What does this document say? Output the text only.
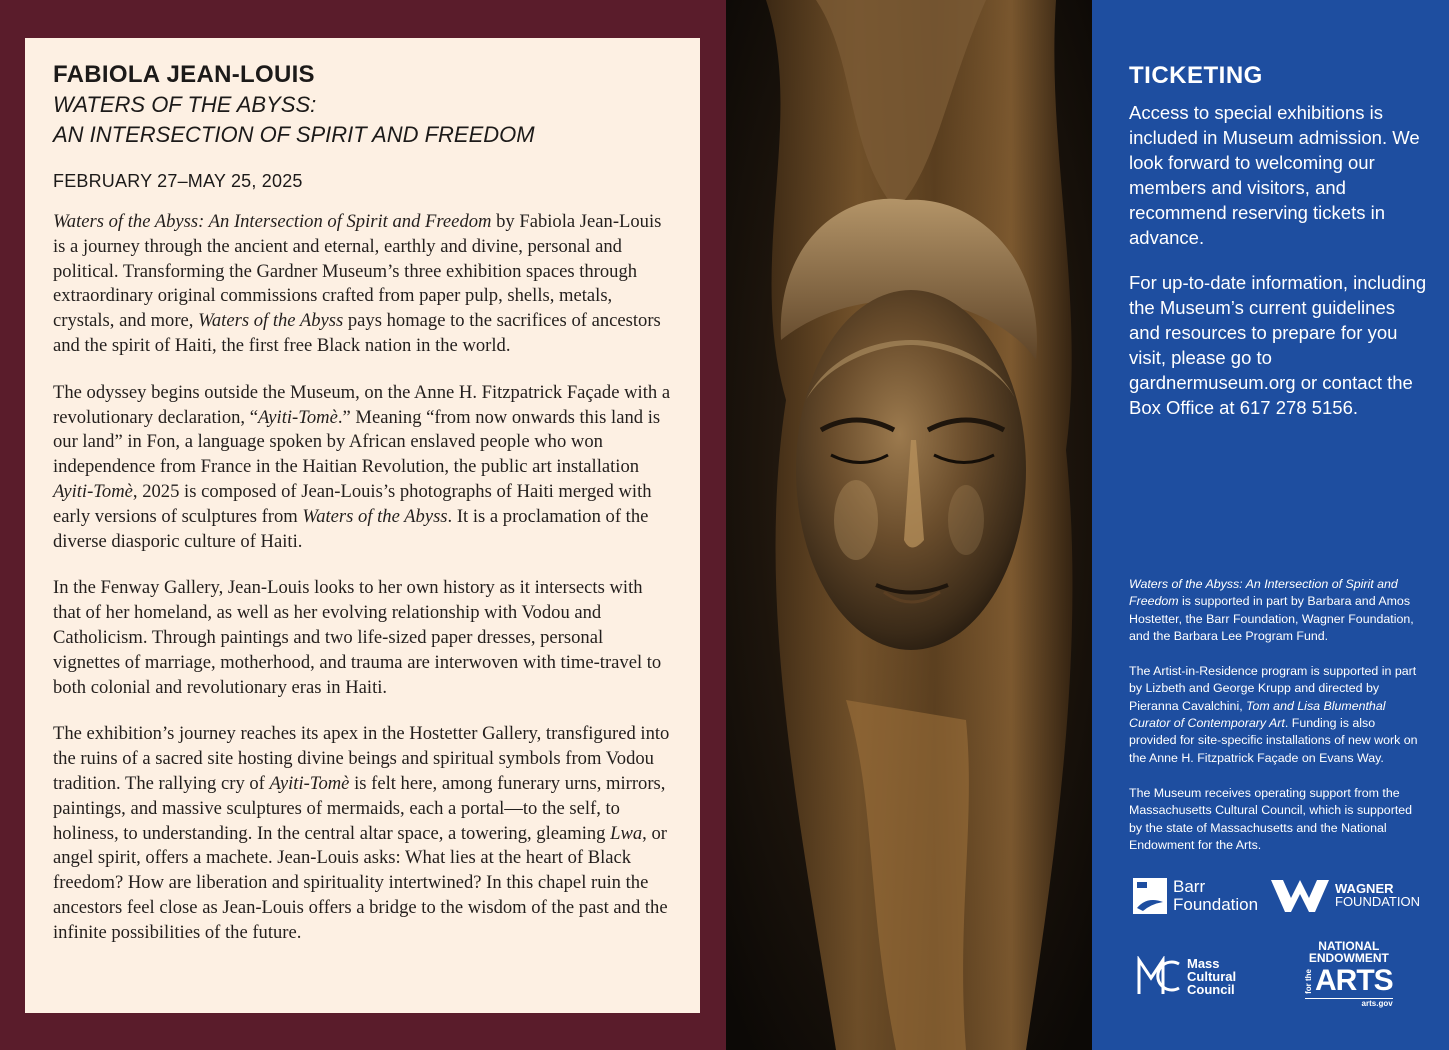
FABIOLA JEAN-LOUIS
WATERS OF THE ABYSS:
AN INTERSECTION OF SPIRIT AND FREEDOM
FEBRUARY 27–MAY 25, 2025

Waters of the Abyss: An Intersection of Spirit and Freedom by Fabiola Jean-Louis is a journey through the ancient and eternal, earthly and divine, personal and political. Transforming the Gardner Museum’s three exhibition spaces through extraordinary original commissions crafted from paper pulp, shells, metals, crystals, and more, Waters of the Abyss pays homage to the sacrifices of ancestors and the spirit of Haiti, the first free Black nation in the world.

The odyssey begins outside the Museum, on the Anne H. Fitzpatrick Façade with a revolutionary declaration, “Ayiti-Tomè.” Meaning “from now onwards this land is our land” in Fon, a language spoken by African enslaved people who won independence from France in the Haitian Revolution, the public art installation Ayiti-Tomè, 2025 is composed of Jean-Louis’s photographs of Haiti merged with early versions of sculptures from Waters of the Abyss. It is a proclamation of the diverse diasporic culture of Haiti.

In the Fenway Gallery, Jean-Louis looks to her own history as it intersects with that of her homeland, as well as her evolving relationship with Vodou and Catholicism. Through paintings and two life-sized paper dresses, personal vignettes of marriage, motherhood, and trauma are interwoven with time-travel to both colonial and revolutionary eras in Haiti.

The exhibition’s journey reaches its apex in the Hostetter Gallery, transfigured into the ruins of a sacred site hosting divine beings and spiritual symbols from Vodou tradition. The rallying cry of Ayiti-Tomè is felt here, among funerary urns, mirrors, paintings, and massive sculptures of mermaids, each a portal—to the self, to holiness, to understanding. In the central altar space, a towering, gleaming Lwa, or angel spirit, offers a machete. Jean-Louis asks: What lies at the heart of Black freedom? How are liberation and spirituality intertwined? In this chapel ruin the ancestors feel close as Jean-Louis offers a bridge to the wisdom of the past and the infinite possibilities of the future.

TICKETING

Access to special exhibitions is included in Museum admission. We look forward to welcoming our members and visitors, and recommend reserving tickets in advance.

For up-to-date information, including the Museum’s current guidelines and resources to prepare for you visit, please go to gardnermuseum.org or contact the Box Office at 617 278 5156.

Waters of the Abyss: An Intersection of Spirit and Freedom is supported in part by Barbara and Amos Hostetter, the Barr Foundation, Wagner Foundation, and the Barbara Lee Program Fund.

The Artist-in-Residence program is supported in part by Lizbeth and George Krupp and directed by Pieranna Cavalchini, Tom and Lisa Blumenthal Curator of Contemporary Art. Funding is also provided for site-specific installations of new work on the Anne H. Fitzpatrick Façade on Evans Way.

The Museum receives operating support from the Massachusetts Cultural Council, which is supported by the state of Massachusetts and the National Endowment for the Arts.

Barr
Foundation
WAGNER
FOUNDATION
Mass
Cultural
Council
NATIONAL
ENDOWMENT
for the ARTS
arts.gov
